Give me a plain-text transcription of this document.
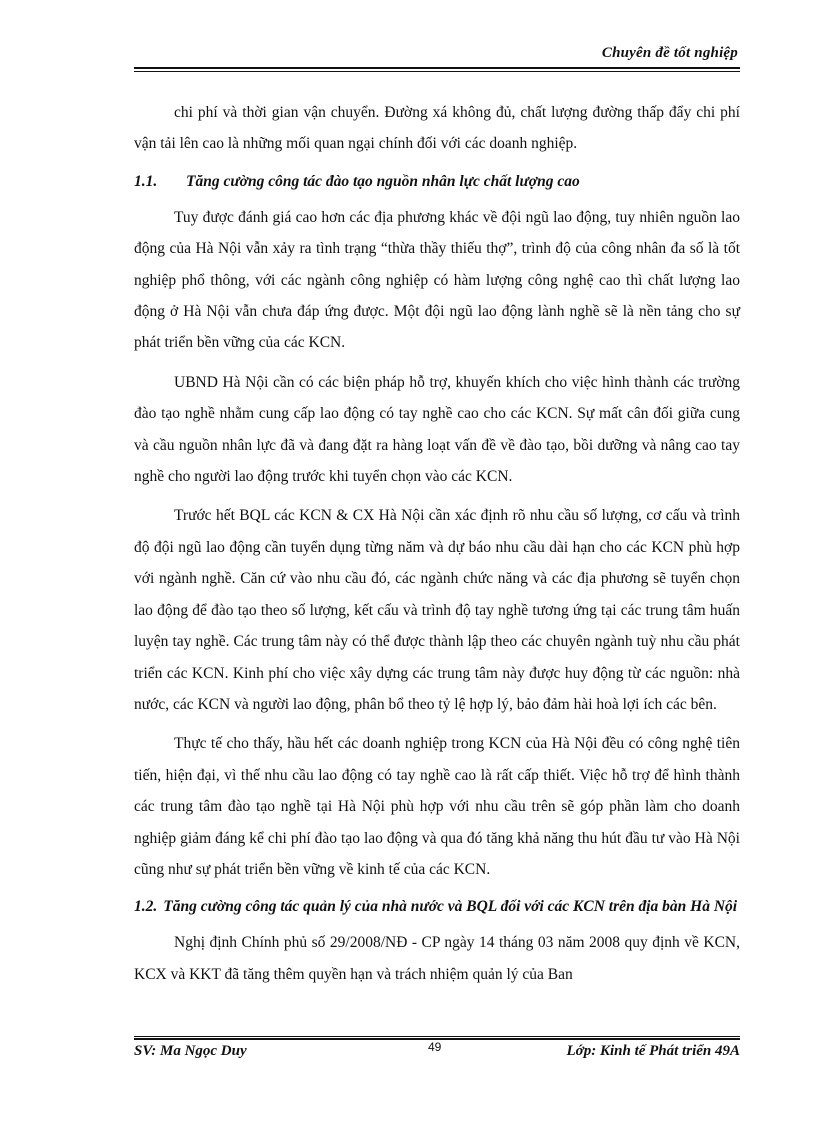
Chuyên đề tốt nghiệp

chi phí và thời gian vận chuyển. Đường xá không đủ, chất lượng đường thấp đẩy chi phí vận tải lên cao là những mối quan ngại chính đối với các doanh nghiệp.

1.1. Tăng cường công tác đào tạo nguồn nhân lực chất lượng cao

Tuy được đánh giá cao hơn các địa phương khác về đội ngũ lao động, tuy nhiên nguồn lao động của Hà Nội vẫn xảy ra tình trạng “thừa thầy thiếu thợ”, trình độ của công nhân đa số là tốt nghiệp phổ thông, với các ngành công nghiệp có hàm lượng công nghệ cao thì chất lượng lao động ở Hà Nội vẫn chưa đáp ứng được. Một đội ngũ lao động lành nghề sẽ là nền tảng cho sự phát triển bền vững của các KCN.

UBND Hà Nội cần có các biện pháp hỗ trợ, khuyến khích cho việc hình thành các trường đào tạo nghề nhằm cung cấp lao động có tay nghề cao cho các KCN. Sự mất cân đối giữa cung và cầu nguồn nhân lực đã và đang đặt ra hàng loạt vấn đề về đào tạo, bồi dưỡng và nâng cao tay nghề cho người lao động trước khi tuyển chọn vào các KCN.

Trước hết BQL các KCN & CX Hà Nội cần xác định rõ nhu cầu số lượng, cơ cấu và trình độ đội ngũ lao động cần tuyển dụng từng năm và dự báo nhu cầu dài hạn cho các KCN phù hợp với ngành nghề. Căn cứ vào nhu cầu đó, các ngành chức năng và các địa phương sẽ tuyển chọn lao động để đào tạo theo số lượng, kết cấu và trình độ tay nghề tương ứng tại các trung tâm huấn luyện tay nghề. Các trung tâm này có thể được thành lập theo các chuyên ngành tuỳ nhu cầu phát triển các KCN. Kinh phí cho việc xây dựng các trung tâm này được huy động từ các nguồn: nhà nước, các KCN và người lao động, phân bổ theo tỷ lệ hợp lý, bảo đảm hài hoà lợi ích các bên.

Thực tế cho thấy, hầu hết các doanh nghiệp trong KCN của Hà Nội đều có công nghệ tiên tiến, hiện đại, vì thế nhu cầu lao động có tay nghề cao là rất cấp thiết. Việc hỗ trợ để hình thành các trung tâm đào tạo nghề tại Hà Nội phù hợp với nhu cầu trên sẽ góp phần làm cho doanh nghiệp giảm đáng kể chi phí đào tạo lao động và qua đó tăng khả năng thu hút đầu tư vào Hà Nội cũng như sự phát triển bền vững về kinh tế của các KCN.

1.2. Tăng cường công tác quản lý của nhà nước và BQL đối với các KCN trên địa bàn Hà Nội

Nghị định Chính phủ số 29/2008/NĐ - CP ngày 14 tháng 03 năm 2008 quy định về KCN, KCX và KKT đã tăng thêm quyền hạn và trách nhiệm quản lý của Ban

SV: Ma Ngọc Duy	49	Lớp: Kinh tế Phát triển 49A
